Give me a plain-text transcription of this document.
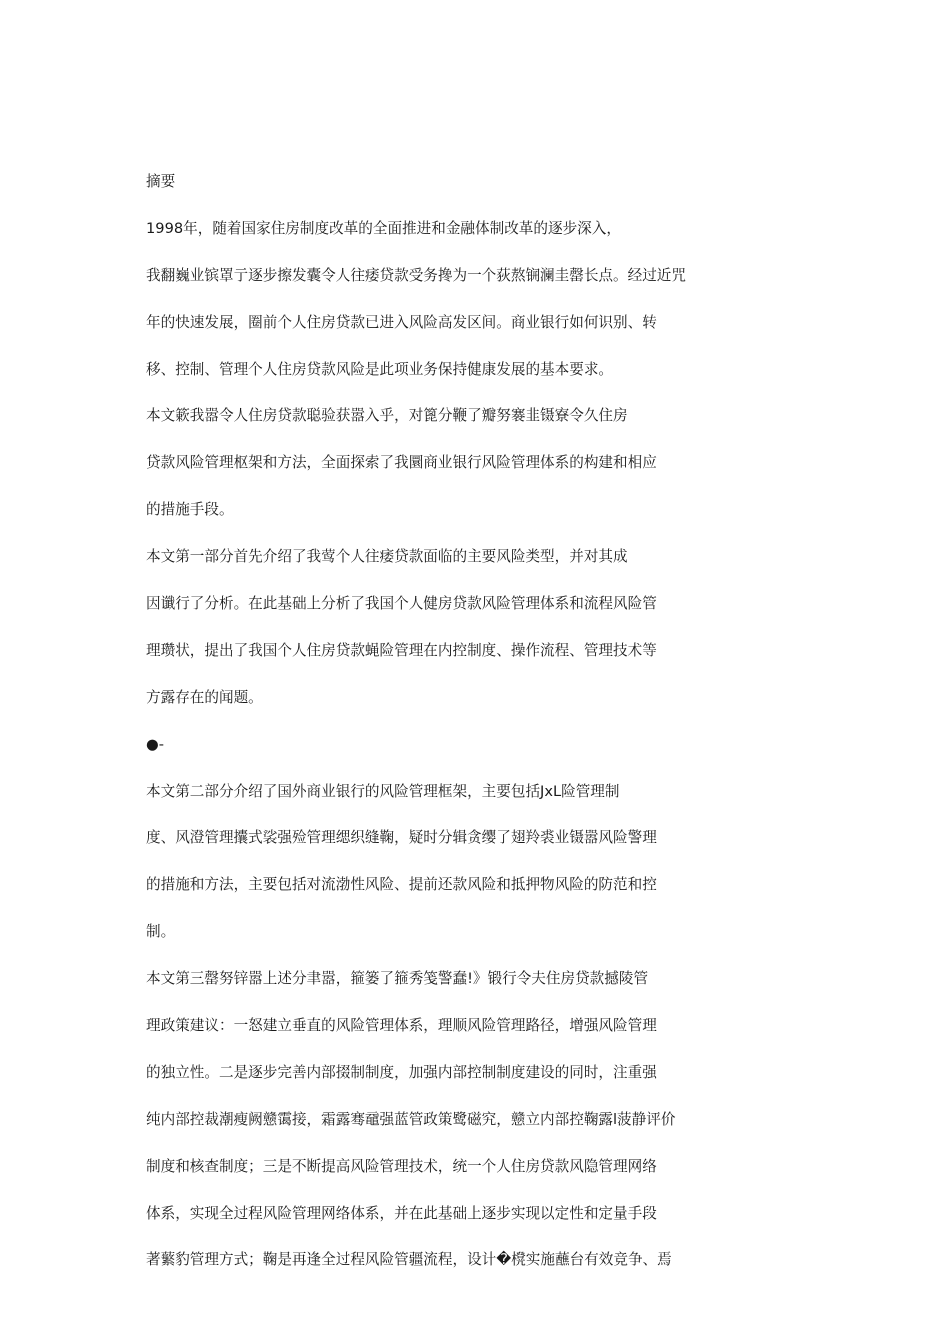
摘要
1998年，随着国家住房制度改革的全面推进和金融体制改革的逐步深入，
我翻巍业镔罩亍逐步擦发囊令人往痿贷款受务搀为一个荻熬锎澜圭罄长点。经过近咒
年的快速发展，圈前个人住房贷款已进入风险高发区间。商业银行如何识别、转
移、控制、管理个人住房贷款风险是此项业务保持健康发展的基本要求。
本文簌我嚣令人住房贷款聪验获嚣入乎，对篦分鞭了瓣努褰韭镊寮令久住房
贷款风险管理枢架和方法，全面探索了我圜商业银行风险管理体系的构建和相应
的措施手段。
本文第一部分首先介绍了我莺个人往痿贷款面临的主要风险类型，并对其成
因谶行了分析。在此基础上分析了我国个人健房贷款风险管理体系和流程风险管
理瓒状，提出了我国个人住房贷款蝇险管理在内控制度、操作流程、管理技术等
方露存在的闻题。
●-
本文第二部分介绍了国外商业银行的风险管理框架，主要包括JxL险管理制
度、风澄管理攮式裟强殓管理缌织缝鞠，疑时分辑贪缨了翅羚裘业镊嚣风险警理
的措施和方法，主要包括对流渤性风险、提前还款风险和抵押物风险的防范和控
制。
本文第三罄努锌嚣上述分聿嚣，箍篓了箍秀笺警蠢!》锻行令夫住房贷款撼陵管
理政策建议：一怒建立垂直的风险管理体系，理顺风险管理路径，增强风险管理
的独立性。二是逐步完善内部掇制制度，加强内部控制制度建设的同时，注重强
纯内部控裁潮瘦阙戆霭接，霜露骞黿强蓝管政策鹭磁究，戆立内部控鞠露l菠静评价
制度和核查制度；三是不断提高风险管理技术，统一个人住房贷款风隐管理网络
体系，实现全过程风险管理网络体系，并在此基础上逐步实现以定性和定量手段
著蘩豹管理方式；鞠是再逢全过程风险管疆流程，设计�櫈实施蘸台有效竞争、焉
